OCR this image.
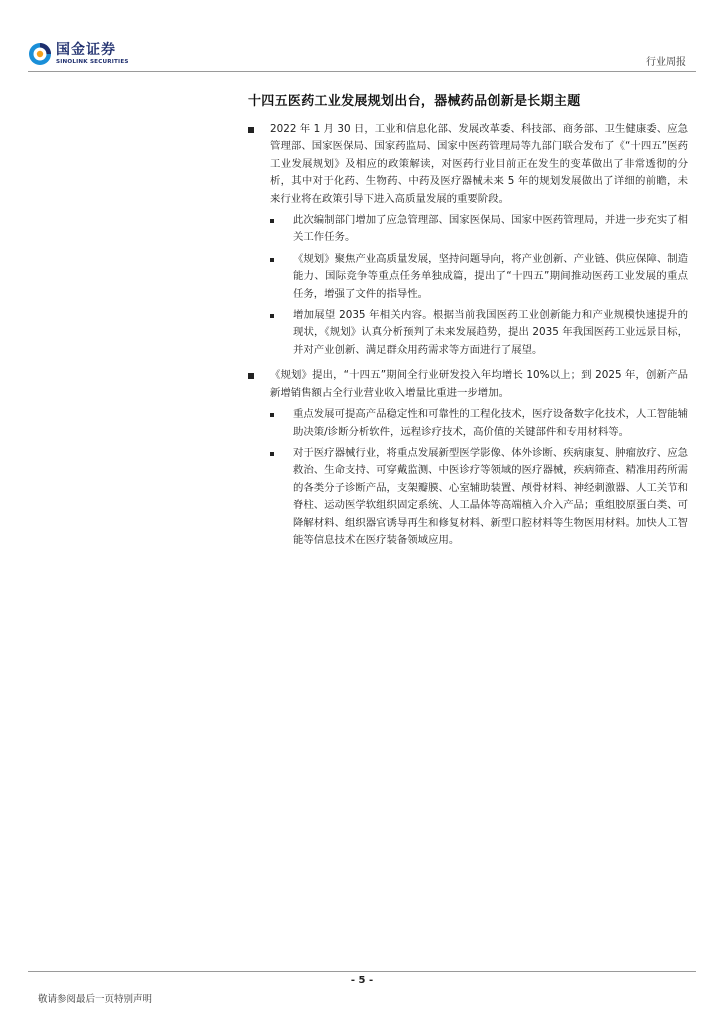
国金证券
SINOLINK SECURITIES	行业周报
十四五医药工业发展规划出台，器械药品创新是长期主题

2022 年 1 月 30 日，工业和信息化部、发展改革委、科技部、商务部、卫生健康委、应急管理部、国家医保局、国家药监局、国家中医药管理局等九部门联合发布了《“十四五”医药工业发展规划》及相应的政策解读，对医药行业目前正在发生的变革做出了非常透彻的分析，其中对于化药、生物药、中药及医疗器械未来 5 年的规划发展做出了详细的前瞻，未来行业将在政策引导下进入高质量发展的重要阶段。

此次编制部门增加了应急管理部、国家医保局、国家中医药管理局，并进一步充实了相关工作任务。

《规划》聚焦产业高质量发展，坚持问题导向，将产业创新、产业链、供应保障、制造能力、国际竞争等重点任务单独成篇，提出了“十四五”期间推动医药工业发展的重点任务，增强了文件的指导性。

增加展望 2035 年相关内容。根据当前我国医药工业创新能力和产业规模快速提升的现状，《规划》认真分析预判了未来发展趋势，提出 2035 年我国医药工业远景目标，并对产业创新、满足群众用药需求等方面进行了展望。

《规划》提出，“十四五”期间全行业研发投入年均增长 10%以上；到 2025 年，创新产品新增销售额占全行业营业收入增量比重进一步增加。

重点发展可提高产品稳定性和可靠性的工程化技术，医疗设备数字化技术，人工智能辅助决策/诊断分析软件，远程诊疗技术，高价值的关键部件和专用材料等。

对于医疗器械行业，将重点发展新型医学影像、体外诊断、疾病康复、肿瘤放疗、应急救治、生命支持、可穿戴监测、中医诊疗等领域的医疗器械，疾病筛查、精准用药所需的各类分子诊断产品，支架瓣膜、心室辅助装置、颅骨材料、神经刺激器、人工关节和脊柱、运动医学软组织固定系统、人工晶体等高端植入介入产品；重组胶原蛋白类、可降解材料、组织器官诱导再生和修复材料、新型口腔材料等生物医用材料。加快人工智能等信息技术在医疗装备领域应用。

- 5 -
敬请参阅最后一页特别声明
